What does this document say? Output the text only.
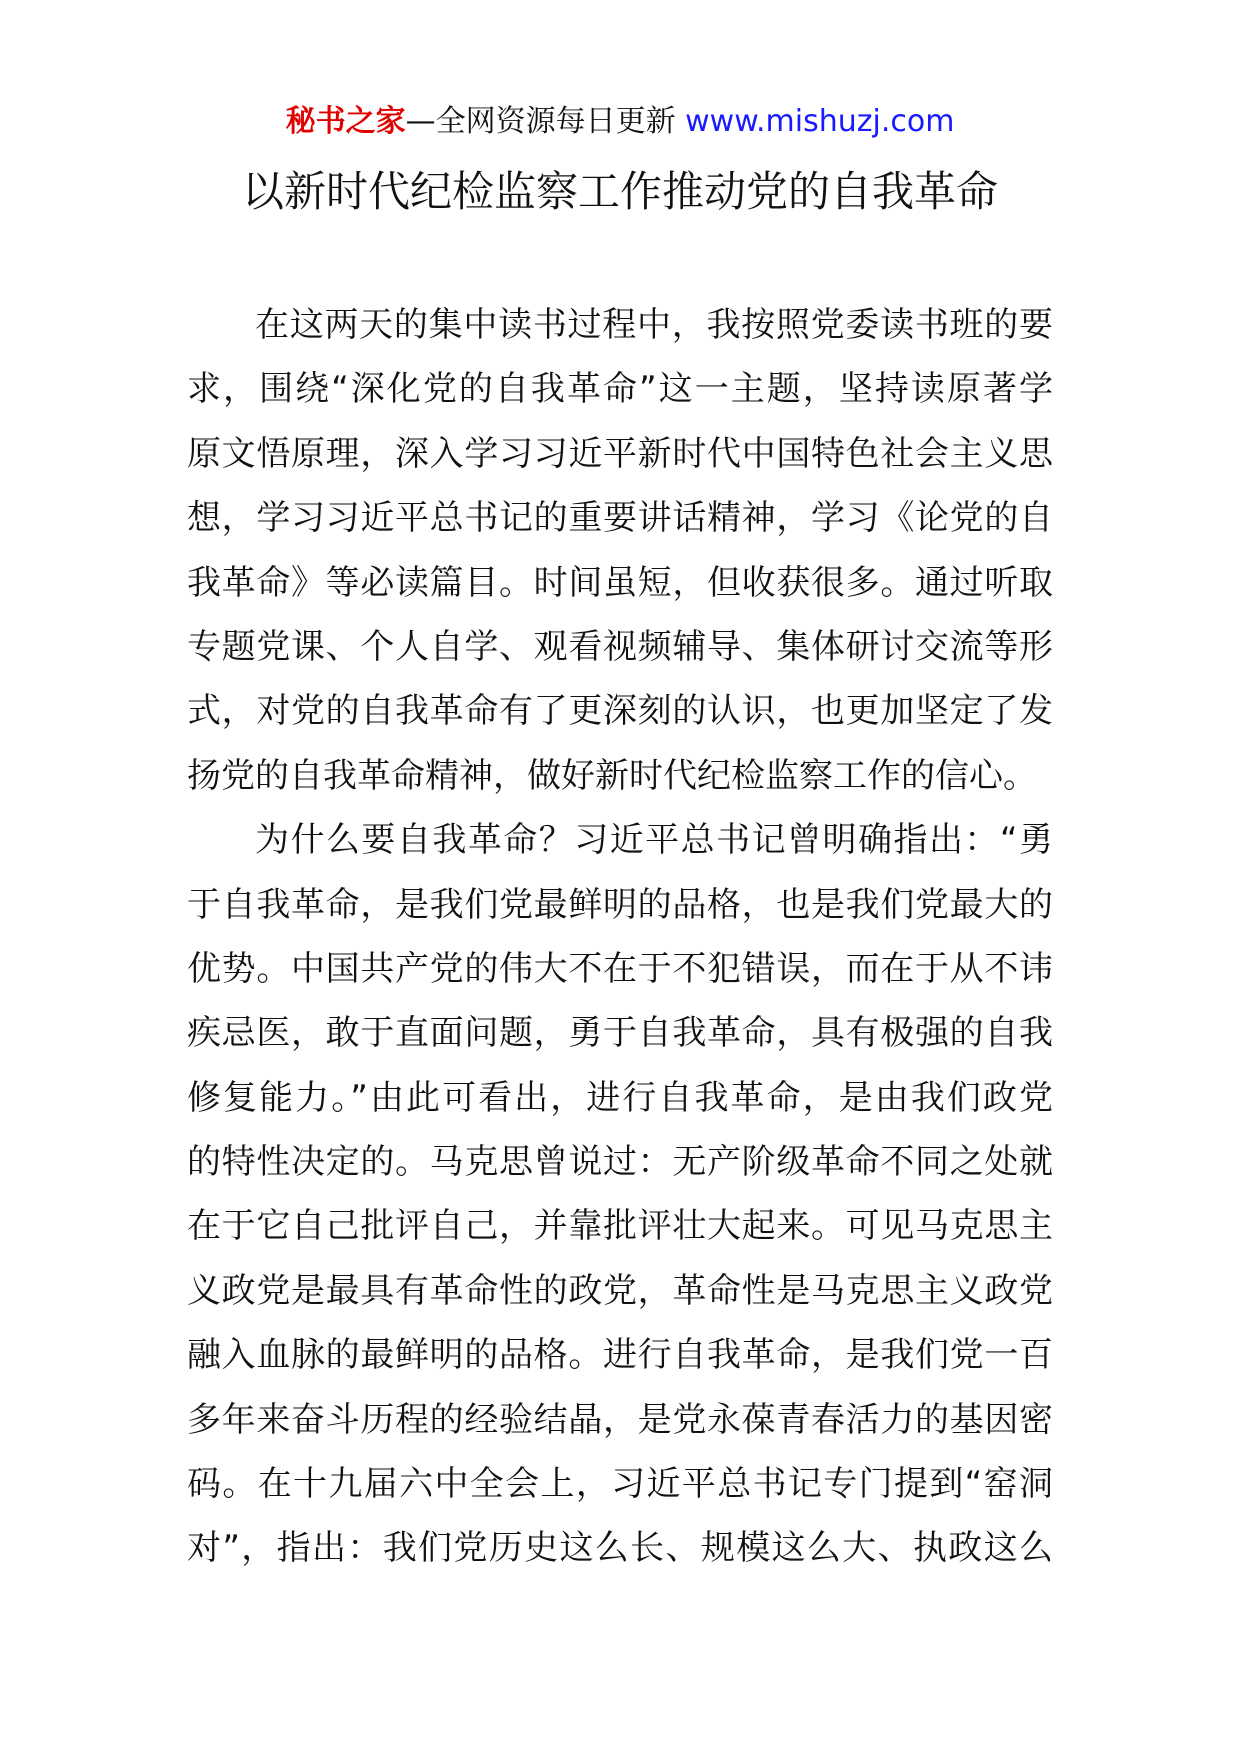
秘书之家—全网资源每日更新 www.mishuzj.com
以新时代纪检监察工作推动党的自我革命
在这两天的集中读书过程中，我按照党委读书班的要
求，围绕“深化党的自我革命”这一主题，坚持读原著学
原文悟原理，深入学习习近平新时代中国特色社会主义思
想，学习习近平总书记的重要讲话精神，学习《论党的自
我革命》等必读篇目。时间虽短，但收获很多。通过听取
专题党课、个人自学、观看视频辅导、集体研讨交流等形
式，对党的自我革命有了更深刻的认识，也更加坚定了发
扬党的自我革命精神，做好新时代纪检监察工作的信心。
为什么要自我革命？习近平总书记曾明确指出：“勇
于自我革命，是我们党最鲜明的品格，也是我们党最大的
优势。中国共产党的伟大不在于不犯错误，而在于从不讳
疾忌医，敢于直面问题，勇于自我革命，具有极强的自我
修复能力。”由此可看出，进行自我革命，是由我们政党
的特性决定的。马克思曾说过：无产阶级革命不同之处就
在于它自己批评自己，并靠批评壮大起来。可见马克思主
义政党是最具有革命性的政党，革命性是马克思主义政党
融入血脉的最鲜明的品格。进行自我革命，是我们党一百
多年来奋斗历程的经验结晶，是党永葆青春活力的基因密
码。在十九届六中全会上，习近平总书记专门提到“窑洞
对”，指出：我们党历史这么长、规模这么大、执政这么
